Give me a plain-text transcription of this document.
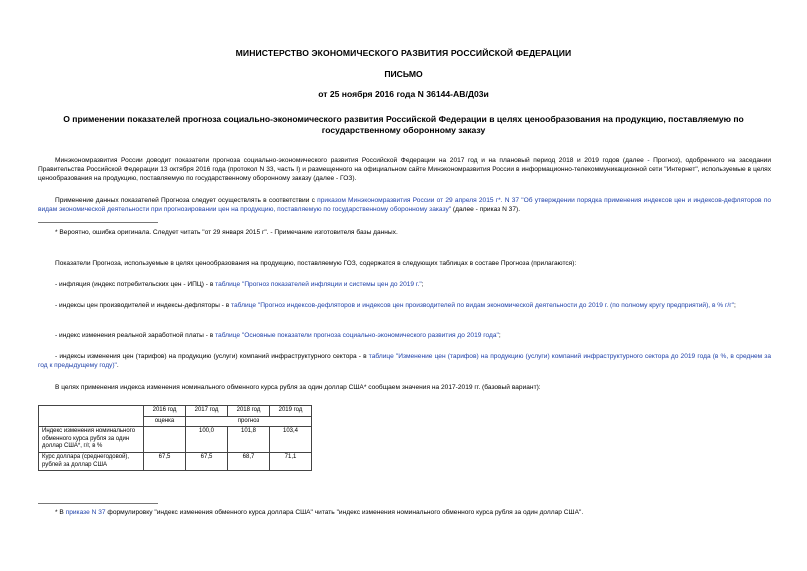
МИНИСТЕРСТВО ЭКОНОМИЧЕСКОГО РАЗВИТИЯ РОССИЙСКОЙ ФЕДЕРАЦИИ
ПИСЬМО
от 25 ноября 2016 года N 36144-АВ/Д03и
О применении показателей прогноза социально-экономического развития Российской Федерации в целях ценообразования на продукцию, поставляемую по государственному оборонному заказу
Минэкономразвития России доводит показатели прогноза социально-экономического развития Российской Федерации на 2017 год и на плановый период 2018 и 2019 годов (далее - Прогноз), одобренного на заседании Правительства Российской Федерации 13 октября 2016 года (протокол N 33, часть I) и размещенного на официальном сайте Минэкономразвития России в информационно-телекоммуникационной сети "Интернет", используемые в целях ценообразования на продукцию, поставляемую по государственному оборонному заказу (далее - ГОЗ).
Применение данных показателей Прогноза следует осуществлять в соответствии с приказом Минэкономразвития России от 29 апреля 2015 г*. N 37 "Об утверждении порядка применения индексов цен и индексов-дефляторов по видам экономической деятельности при прогнозировании цен на продукцию, поставляемую по государственному оборонному заказу" (далее - приказ N 37).
* Вероятно, ошибка оригинала. Следует читать "от 29 января 2015 г". - Примечание изготовителя базы данных.
Показатели Прогноза, используемые в целях ценообразования на продукцию, поставляемую ГОЗ, содержатся в следующих таблицах в составе Прогноза (прилагаются):
- инфляция (индекс потребительских цен - ИПЦ) - в таблице "Прогноз показателей инфляции и системы цен до 2019 г.";
- индексы цен производителей и индексы-дефляторы - в таблице "Прогноз индексов-дефляторов и индексов цен производителей по видам экономической деятельности до 2019 г. (по полному кругу предприятий), в % г/г";
- индекс изменения реальной заработной платы - в таблице "Основные показатели прогноза социально-экономического развития до 2019 года";
- индексы изменения цен (тарифов) на продукцию (услуги) компаний инфраструктурного сектора - в таблице "Изменение цен (тарифов) на продукцию (услуги) компаний инфраструктурного сектора до 2019 года (в %, в среднем за год к предыдущему году)".
В целях применения индекса изменения номинального обменного курса рубля за один доллар США* сообщаем значения на 2017-2019 гг. (базовый вариант):
	2016 год	2017 год	2018 год	2019 год
	оценка	прогноз		
Индекс изменения номинального обменного курса рубля за один доллар США*, г/г, в %		100,0	101,8	103,4
Курс доллара (среднегодовой), рублей за доллар США	67,5	67,5	68,7	71,1
* В приказе N 37 формулировку "индекс изменения обменного курса доллара США" читать "индекс изменения номинального обменного курса рубля за один доллар США".
